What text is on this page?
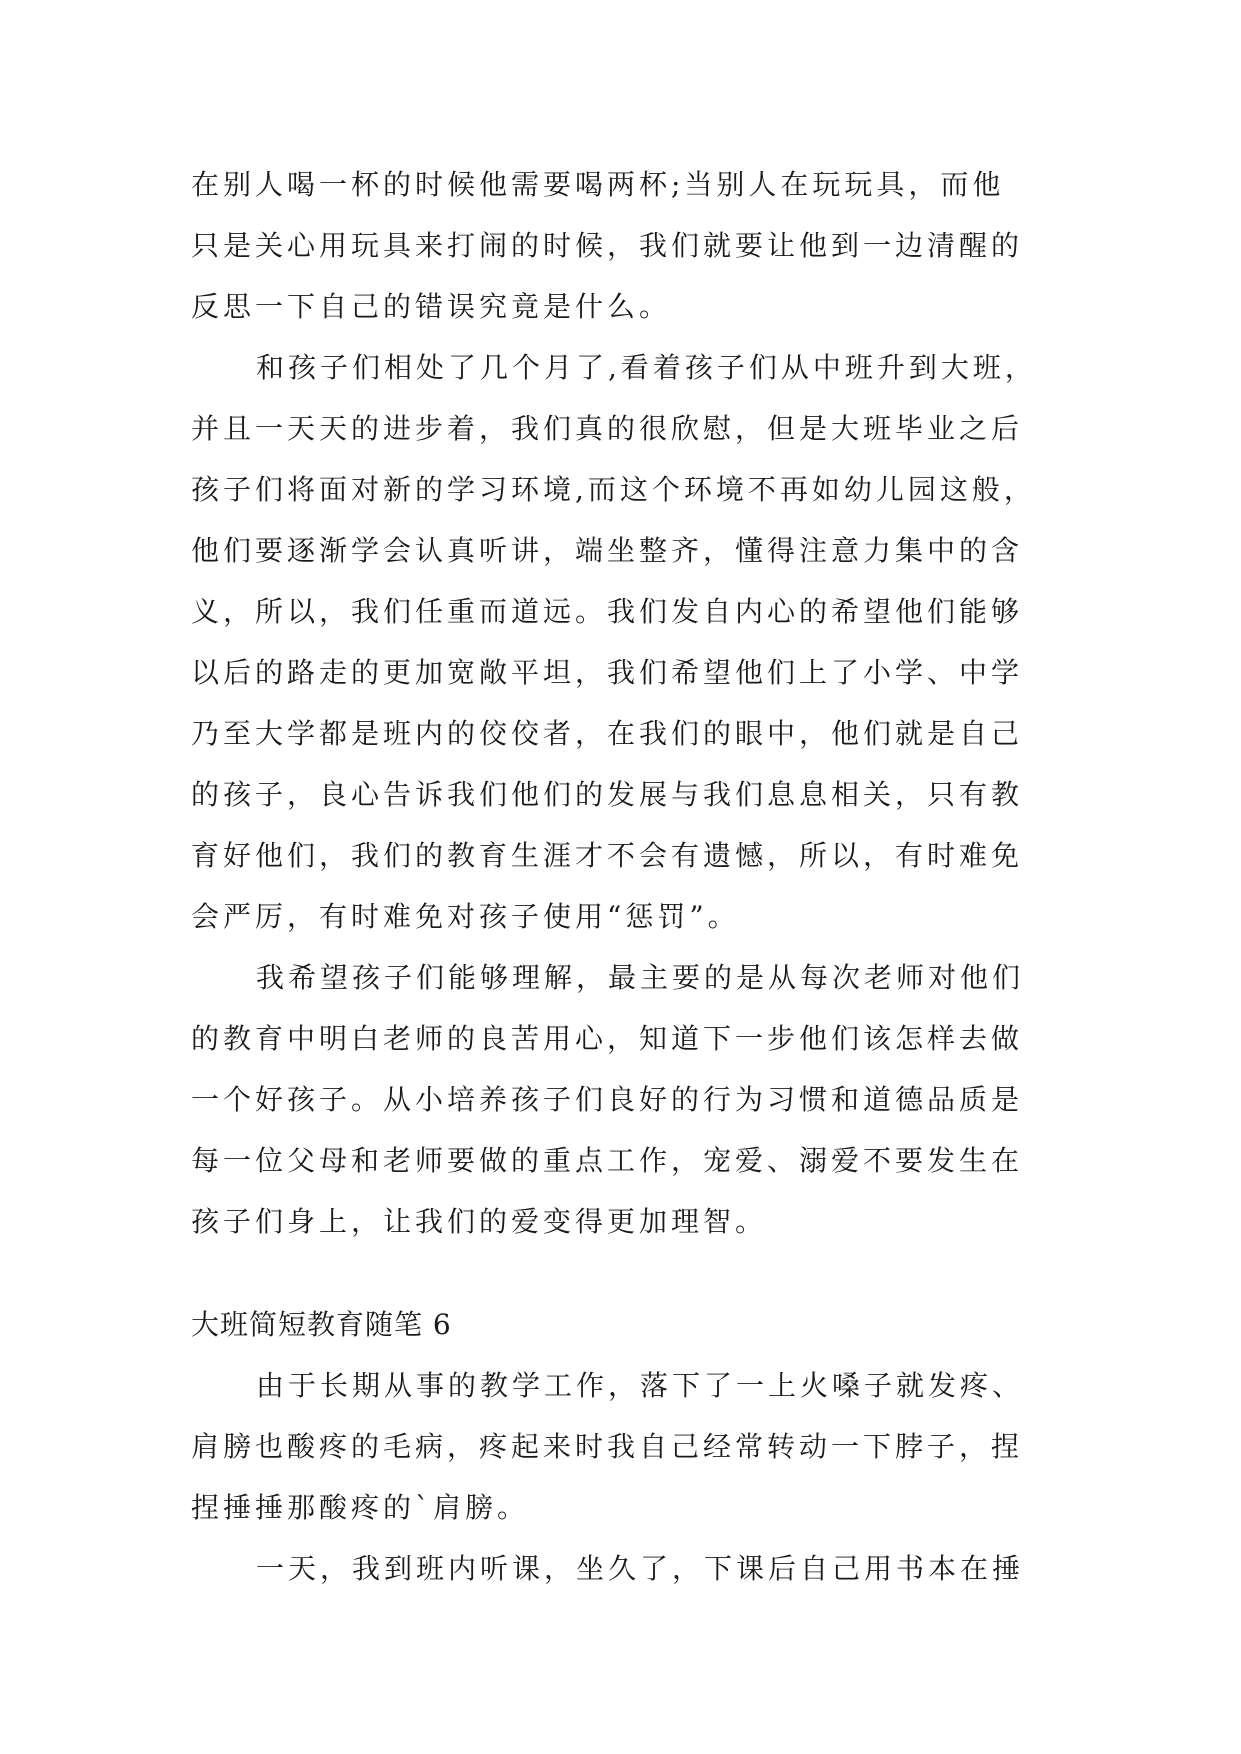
在别人喝一杯的时候他需要喝两杯;当别人在玩玩具，而他
只是关心用玩具来打闹的时候，我们就要让他到一边清醒的
反思一下自己的错误究竟是什么。
和孩子们相处了几个月了,看着孩子们从中班升到大班，
并且一天天的进步着，我们真的很欣慰，但是大班毕业之后
孩子们将面对新的学习环境,而这个环境不再如幼儿园这般，
他们要逐渐学会认真听讲，端坐整齐，懂得注意力集中的含
义，所以，我们任重而道远。我们发自内心的希望他们能够
以后的路走的更加宽敞平坦，我们希望他们上了小学、中学
乃至大学都是班内的佼佼者，在我们的眼中，他们就是自己
的孩子，良心告诉我们他们的发展与我们息息相关，只有教
育好他们，我们的教育生涯才不会有遗憾，所以，有时难免
会严厉，有时难免对孩子使用“惩罚”。
我希望孩子们能够理解，最主要的是从每次老师对他们
的教育中明白老师的良苦用心，知道下一步他们该怎样去做
一个好孩子。从小培养孩子们良好的行为习惯和道德品质是
每一位父母和老师要做的重点工作，宠爱、溺爱不要发生在
孩子们身上，让我们的爱变得更加理智。
大班简短教育随笔 6
由于长期从事的教学工作，落下了一上火嗓子就发疼、
肩膀也酸疼的毛病，疼起来时我自己经常转动一下脖子，捏
捏捶捶那酸疼的`肩膀。
一天，我到班内听课，坐久了，下课后自己用书本在捶
